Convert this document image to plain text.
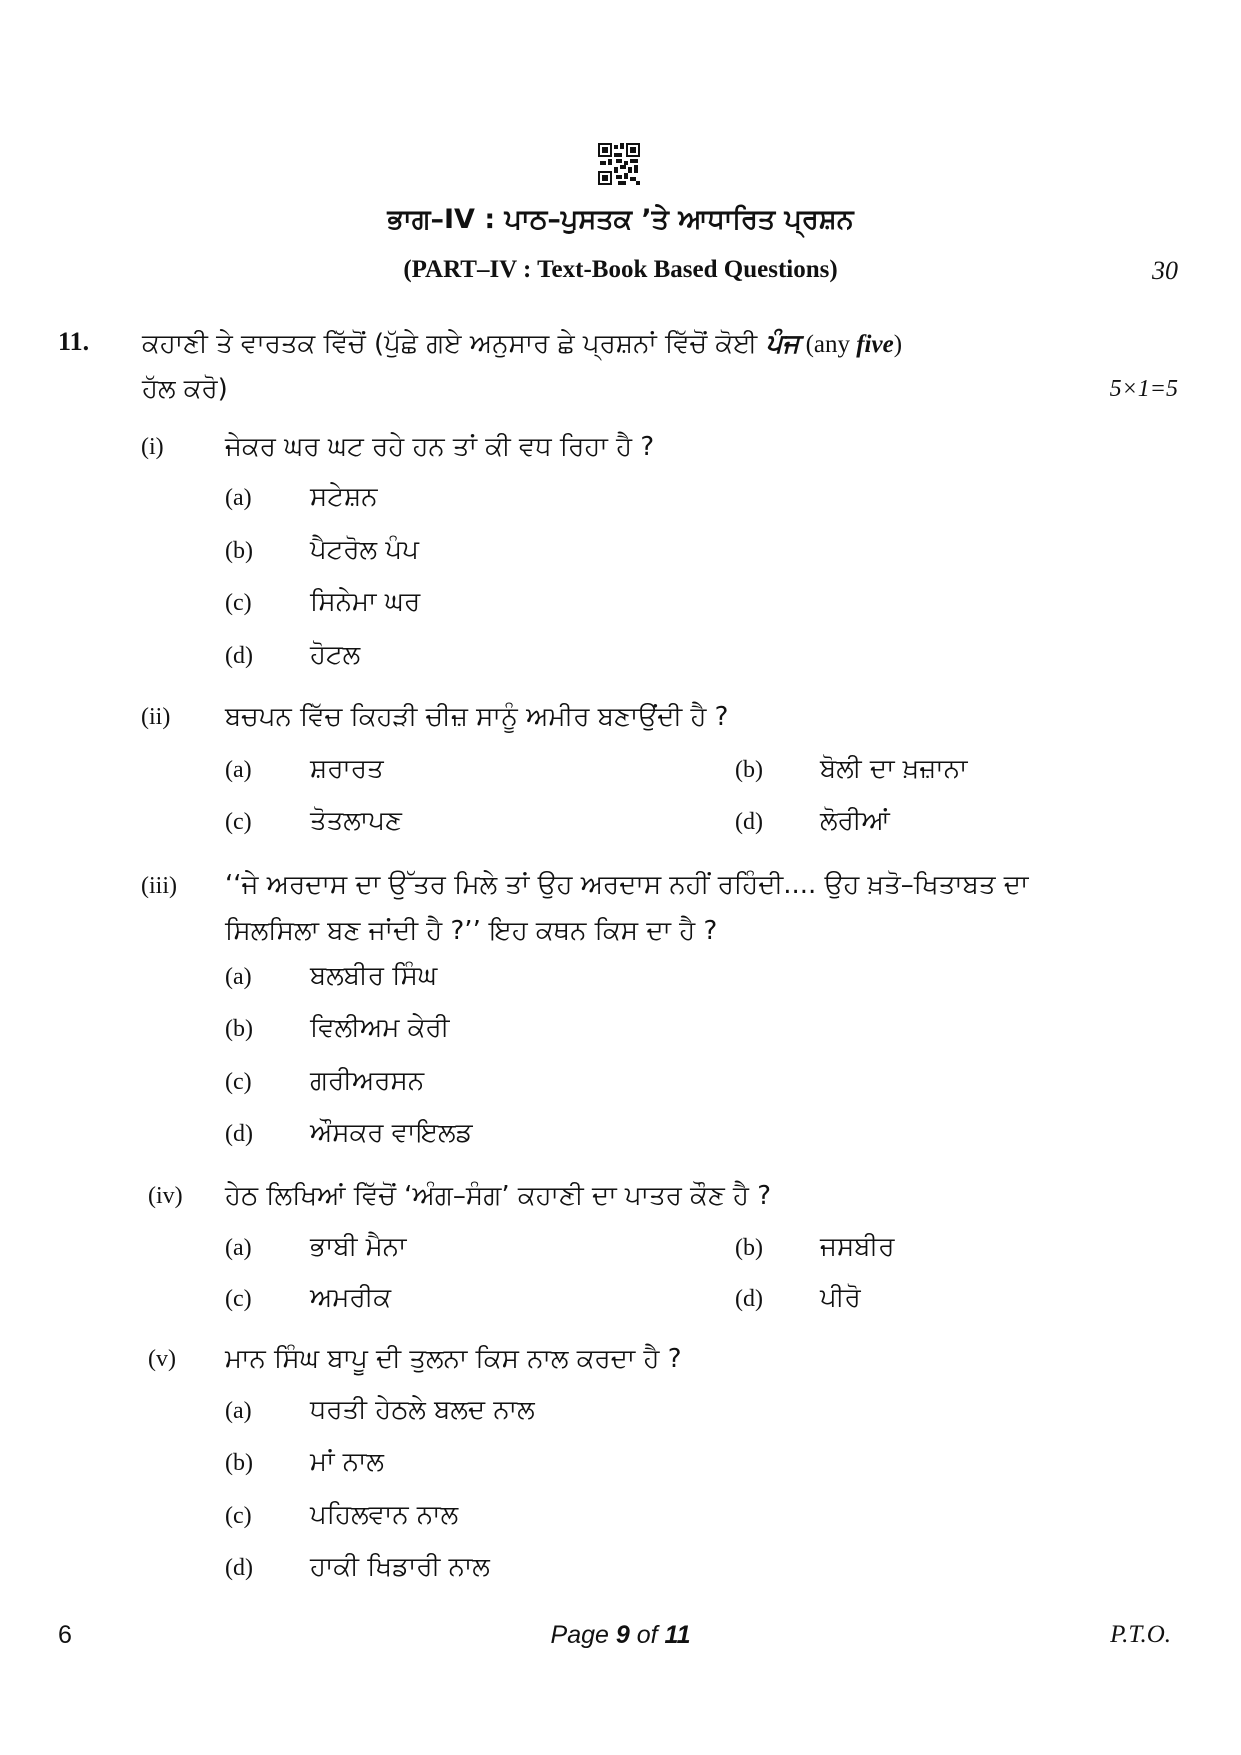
ਭਾਗ–IV : ਪਾਠ–ਪੁਸਤਕ ’ਤੇ ਆਧਾਰਿਤ ਪ੍ਰਸ਼ਨ
(PART–IV : Text-Book Based Questions)	30
11. ਕਹਾਣੀ ਤੇ ਵਾਰਤਕ ਵਿੱਚੋਂ (ਪੁੱਛੇ ਗਏ ਅਨੁਸਾਰ ਛੇ ਪ੍ਰਸ਼ਨਾਂ ਵਿੱਚੋਂ ਕੋਈ ਪੰਜ (any five)
ਹੱਲ ਕਰੋ)	5×1=5
(i) ਜੇਕਰ ਘਰ ਘਟ ਰਹੇ ਹਨ ਤਾਂ ਕੀ ਵਧ ਰਿਹਾ ਹੈ ?
(a) ਸਟੇਸ਼ਨ
(b) ਪੈਟਰੋਲ ਪੰਪ
(c) ਸਿਨੇਮਾ ਘਰ
(d) ਹੋਟਲ
(ii) ਬਚਪਨ ਵਿੱਚ ਕਿਹੜੀ ਚੀਜ਼ ਸਾਨੂੰ ਅਮੀਰ ਬਣਾਉਂਦੀ ਹੈ ?
(a) ਸ਼ਰਾਰਤ	(b) ਬੋਲੀ ਦਾ ਖ਼ਜ਼ਾਨਾ
(c) ਤੋਤਲਾਪਣ	(d) ਲੋਰੀਆਂ
(iii) ‘‘ਜੇ ਅਰਦਾਸ ਦਾ ਉੱਤਰ ਮਿਲੇ ਤਾਂ ਉਹ ਅਰਦਾਸ ਨਹੀਂ ਰਹਿੰਦੀ.... ਉਹ ਖ਼ਤੋ–ਖਿਤਾਬਤ ਦਾ ਸਿਲਸਿਲਾ ਬਣ ਜਾਂਦੀ ਹੈ ?’’ ਇਹ ਕਥਨ ਕਿਸ ਦਾ ਹੈ ?
(a) ਬਲਬੀਰ ਸਿੰਘ
(b) ਵਿਲੀਅਮ ਕੇਰੀ
(c) ਗਰੀਅਰਸਨ
(d) ਔਸਕਰ ਵਾਇਲਡ
(iv) ਹੇਠ ਲਿਖਿਆਂ ਵਿੱਚੋਂ ‘ਅੰਗ–ਸੰਗ’ ਕਹਾਣੀ ਦਾ ਪਾਤਰ ਕੌਣ ਹੈ ?
(a) ਭਾਬੀ ਮੈਨਾ	(b) ਜਸਬੀਰ
(c) ਅਮਰੀਕ	(d) ਪੀਰੋ
(v) ਮਾਨ ਸਿੰਘ ਬਾਪੂ ਦੀ ਤੁਲਨਾ ਕਿਸ ਨਾਲ ਕਰਦਾ ਹੈ ?
(a) ਧਰਤੀ ਹੇਠਲੇ ਬਲਦ ਨਾਲ
(b) ਮਾਂ ਨਾਲ
(c) ਪਹਿਲਵਾਨ ਨਾਲ
(d) ਹਾਕੀ ਖਿਡਾਰੀ ਨਾਲ
6	Page 9 of 11	P.T.O.
